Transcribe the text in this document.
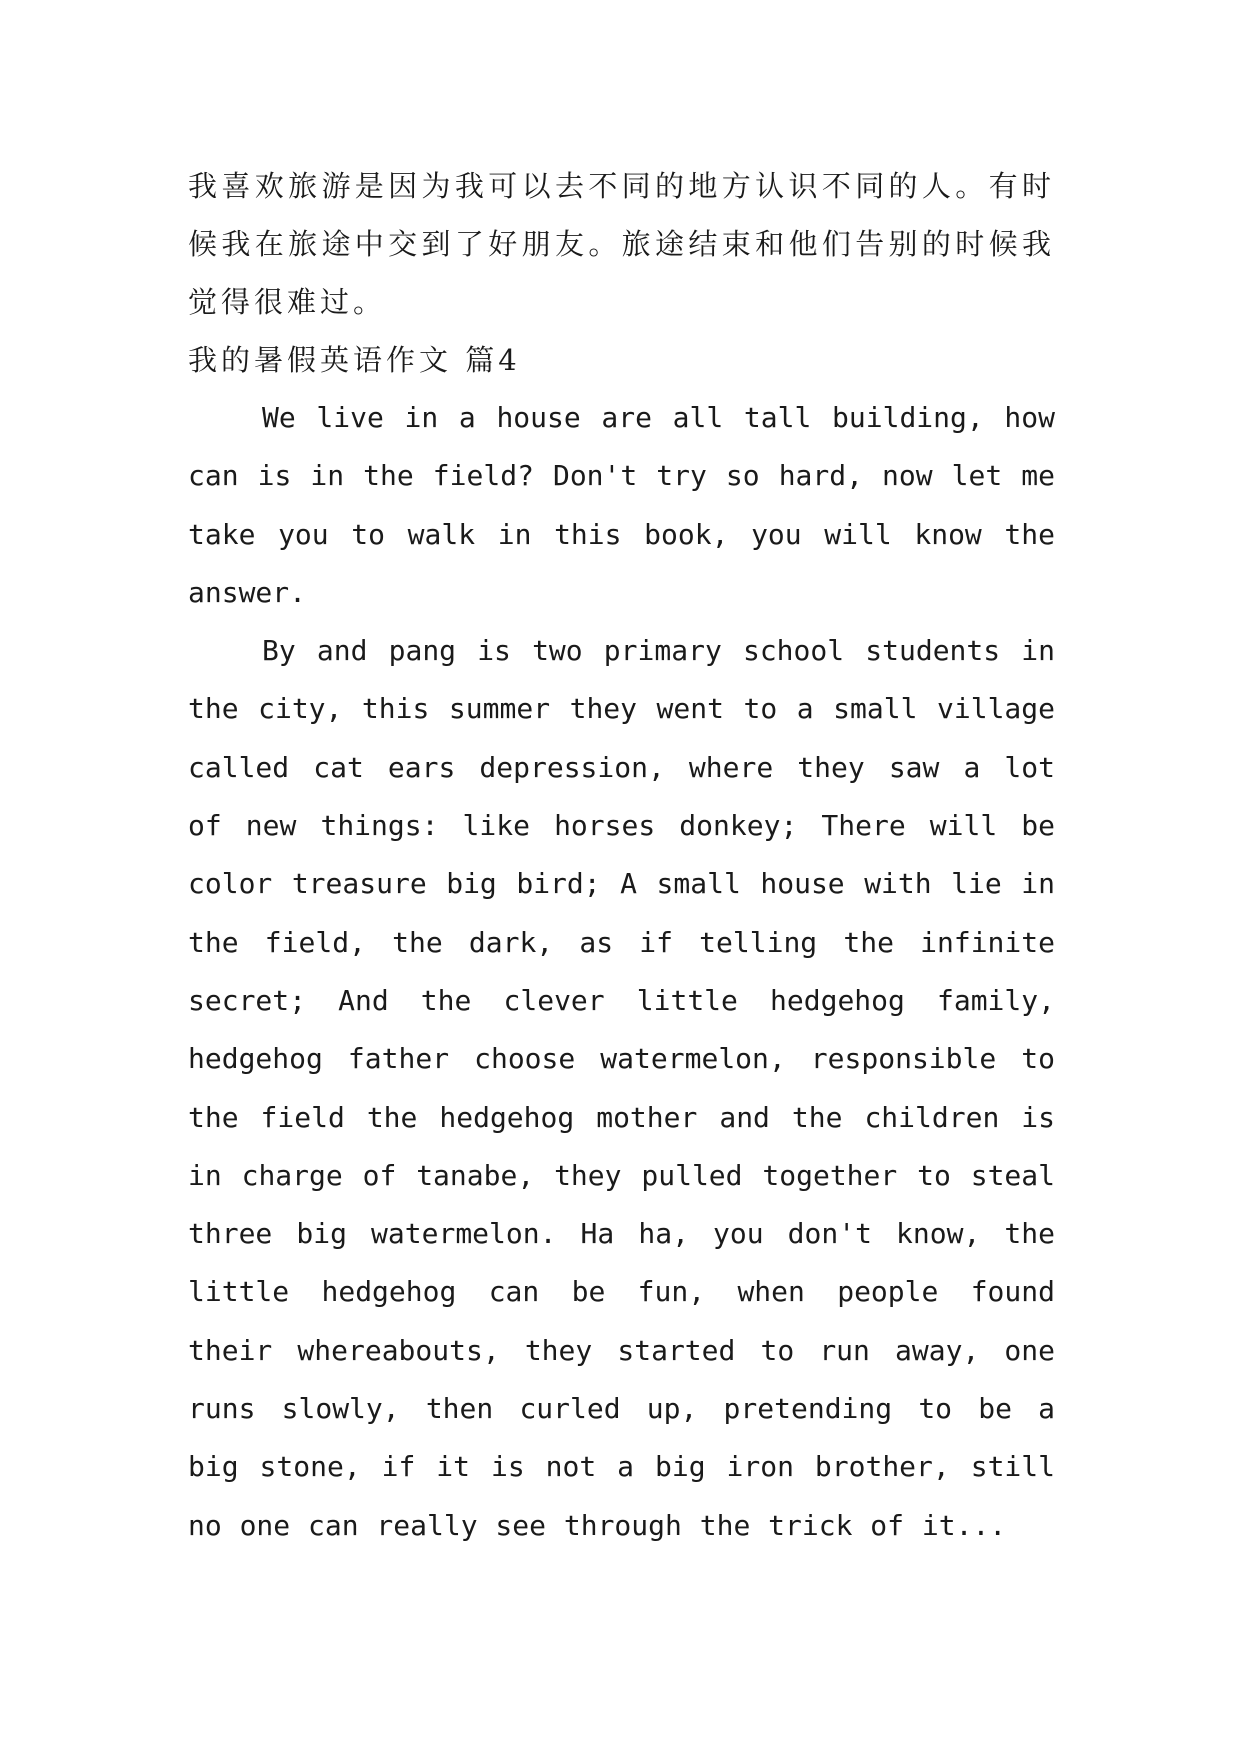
我喜欢旅游是因为我可以去不同的地方认识不同的人。有时候我在旅途中交到了好朋友。旅途结束和他们告别的时候我觉得很难过。

我的暑假英语作文 篇4

We live in a house are all tall building, how can is in the field? Don't try so hard, now let me take you to walk in this book, you will know the answer.

By and pang is two primary school students in the city, this summer they went to a small village called cat ears depression, where they saw a lot of new things: like horses donkey; There will be color treasure big bird; A small house with lie in the field, the dark, as if telling the infinite secret; And the clever little hedgehog family, hedgehog father choose watermelon, responsible to the field the hedgehog mother and the children is in charge of tanabe, they pulled together to steal three big watermelon. Ha ha, you don't know, the little hedgehog can be fun, when people found their whereabouts, they started to run away, one runs slowly, then curled up, pretending to be a big stone, if it is not a big iron brother, still no one can really see through the trick of it...
